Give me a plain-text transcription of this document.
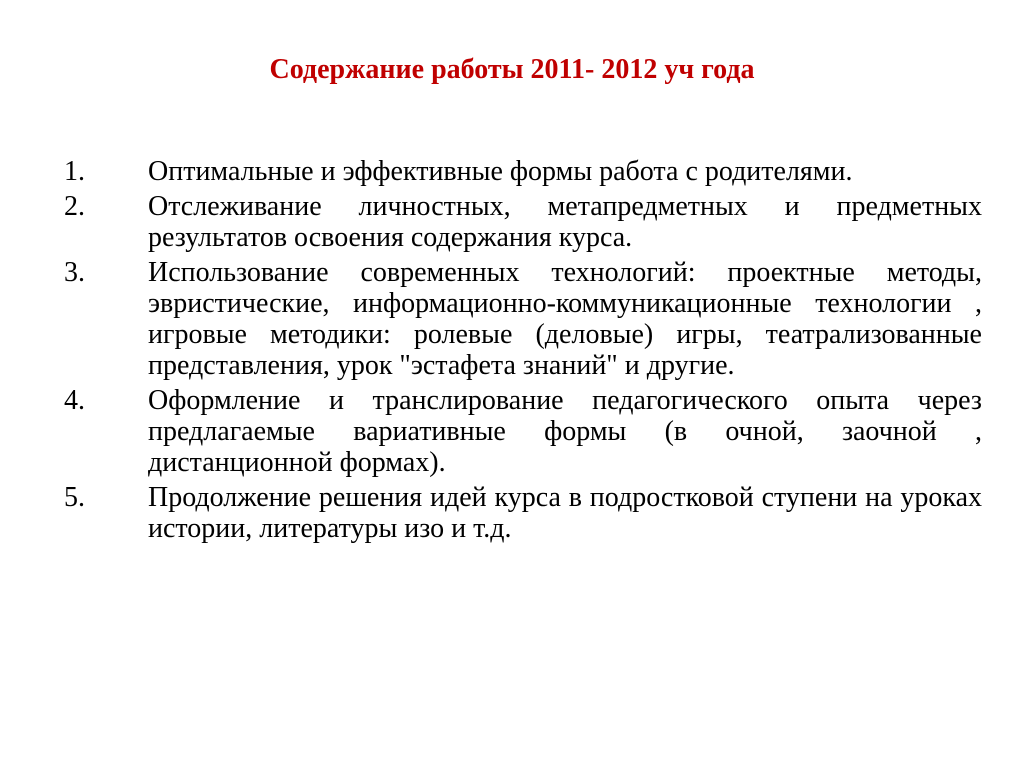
Содержание работы 2011- 2012 уч года
1.	Оптимальные и эффективные формы работа с родителями.
2.	Отслеживание личностных, метапредметных и предметных результатов освоения содержания курса.
3.	Использование современных технологий: проектные методы, эвристические, информационно-коммуникационные технологии , игровые методики: ролевые (деловые) игры, театрализованные представления, урок "эстафета знаний" и другие.
4.	Оформление и транслирование педагогического опыта через предлагаемые вариативные формы (в очной, заочной , дистанционной формах).
5.	Продолжение решения идей курса в подростковой ступени на уроках истории, литературы изо и т.д.
